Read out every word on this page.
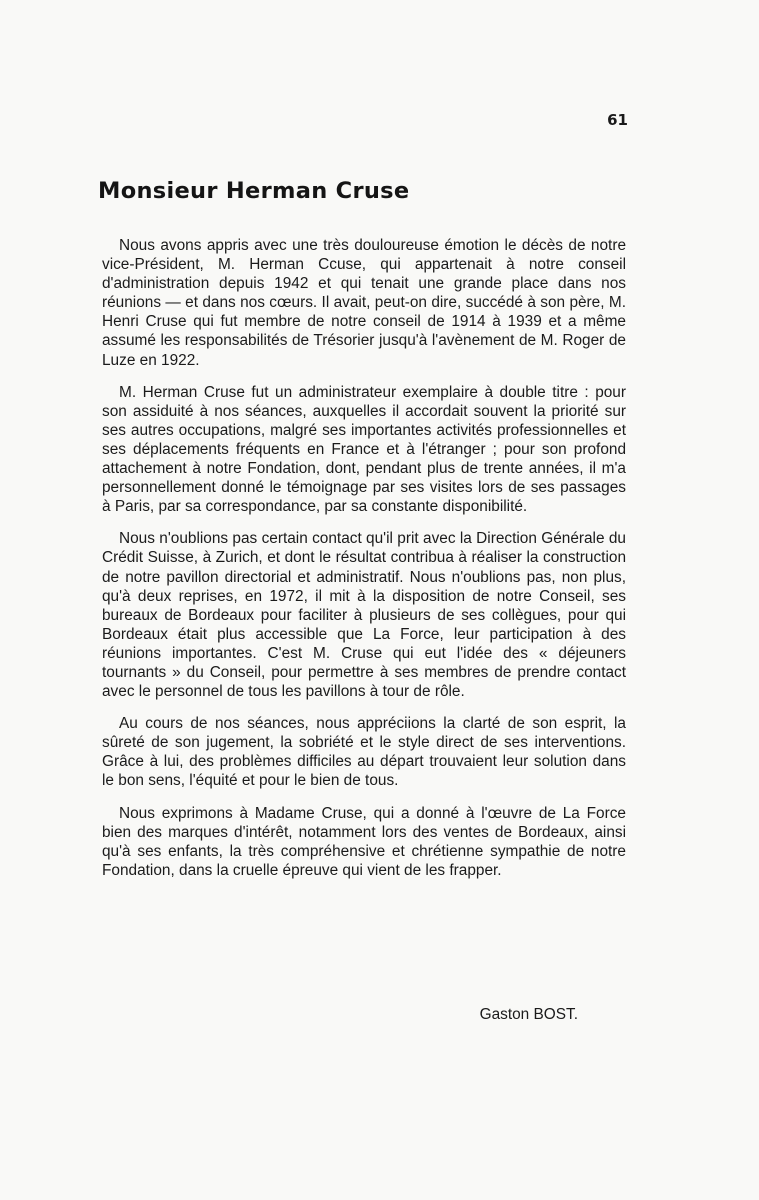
61
Monsieur Herman Cruse

Nous avons appris avec une très douloureuse émotion le décès de notre vice-Président, M. Herman Ccuse, qui appartenait à notre conseil d'administration depuis 1942 et qui tenait une grande place dans nos réunions — et dans nos cœurs. Il avait, peut-on dire, succédé à son père, M. Henri Cruse qui fut membre de notre conseil de 1914 à 1939 et a même assumé les responsabilités de Trésorier jusqu'à l'avènement de M. Roger de Luze en 1922.

M. Herman Cruse fut un administrateur exemplaire à double titre : pour son assiduité à nos séances, auxquelles il accordait souvent la priorité sur ses autres occupations, malgré ses importantes activités professionnelles et ses déplacements fréquents en France et à l'étranger ; pour son profond attachement à notre Fondation, dont, pendant plus de trente années, il m'a personnellement donné le témoignage par ses visites lors de ses passages à Paris, par sa correspondance, par sa constante disponibilité.

Nous n'oublions pas certain contact qu'il prit avec la Direction Générale du Crédit Suisse, à Zurich, et dont le résultat contribua à réaliser la construction de notre pavillon directorial et administratif. Nous n'oublions pas, non plus, qu'à deux reprises, en 1972, il mit à la disposition de notre Conseil, ses bureaux de Bordeaux pour faciliter à plusieurs de ses collègues, pour qui Bordeaux était plus accessible que La Force, leur participation à des réunions importantes. C'est M. Cruse qui eut l'idée des « déjeuners tournants » du Conseil, pour permettre à ses membres de prendre contact avec le personnel de tous les pavillons à tour de rôle.

Au cours de nos séances, nous appréciions la clarté de son esprit, la sûreté de son jugement, la sobriété et le style direct de ses interventions. Grâce à lui, des problèmes difficiles au départ trouvaient leur solution dans le bon sens, l'équité et pour le bien de tous.

Nous exprimons à Madame Cruse, qui a donné à l'œuvre de La Force bien des marques d'intérêt, notamment lors des ventes de Bordeaux, ainsi qu'à ses enfants, la très compréhensive et chrétienne sympathie de notre Fondation, dans la cruelle épreuve qui vient de les frapper.

Gaston BOST.
